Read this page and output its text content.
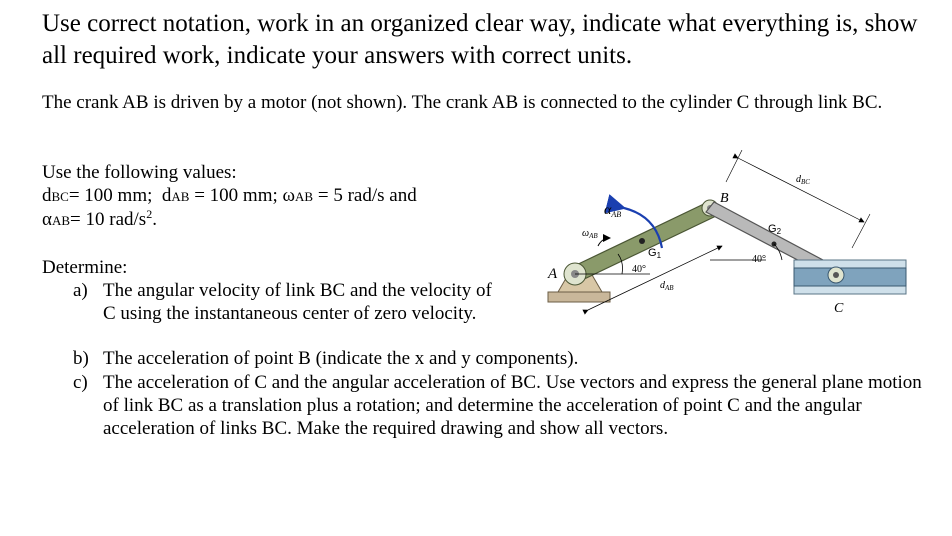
Use correct notation, work in an organized clear way, indicate what everything is, show all required work, indicate your answers with correct units.
The crank AB is driven by a motor (not shown). The crank AB is connected to the cylinder C through link BC.
Use the following values:
dBC= 100 mm; dAB = 100 mm; ωAB = 5 rad/s and
αAB= 10 rad/$s^2$.
Determine:
a) The angular velocity of link BC and the velocity of C using the instantaneous center of zero velocity.
b) The acceleration of point B (indicate the x and y components).
c) The acceleration of C and the angular acceleration of BC. Use vectors and express the general plane motion of link BC as a translation plus a rotation; and determine the acceleration of point C and the angular acceleration of links BC. Make the required drawing and show all vectors.
A
B
C
G1
G2
$\alpha_{AB}$
$\omega_{AB}$
40°
40°
$d_{AB}$
$d_{BC}$
